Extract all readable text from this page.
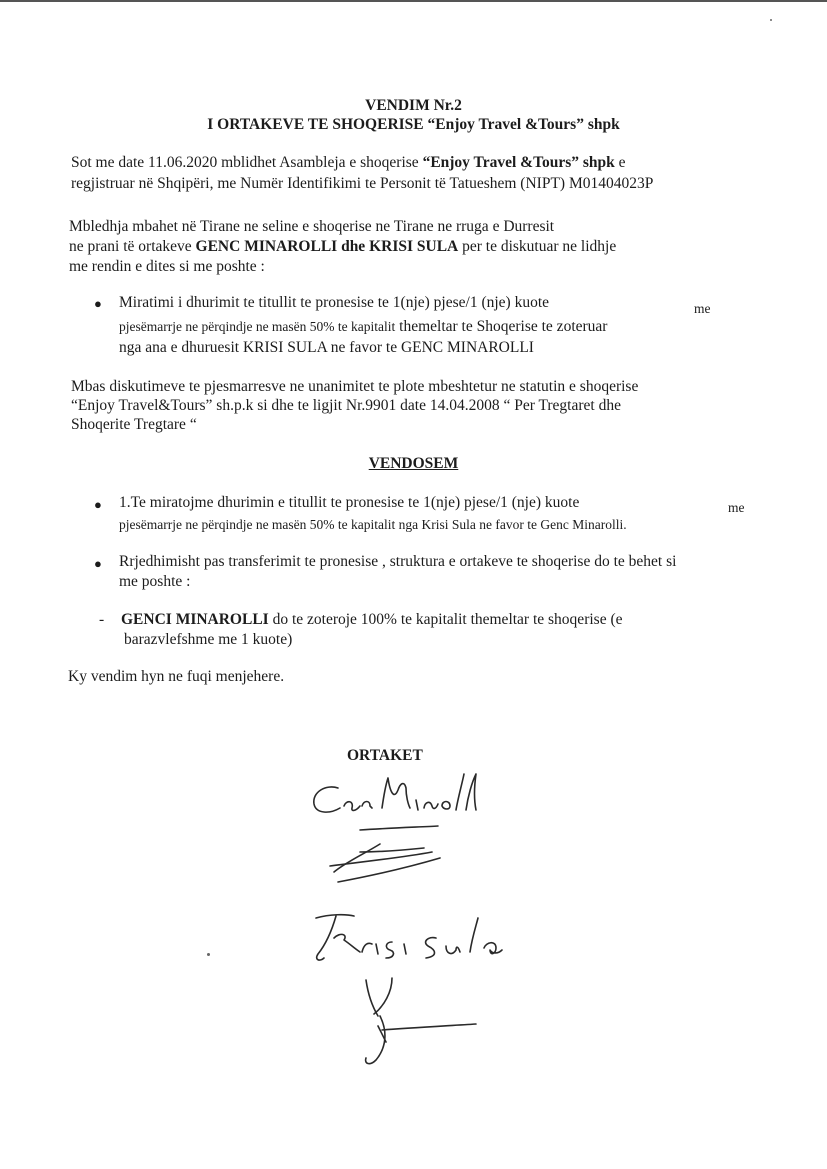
VENDIM Nr.2
I ORTAKEVE TE SHOQERISE “Enjoy Travel &Tours” shpk
Sot me date 11.06.2020 mblidhet Asambleja e shoqerise “Enjoy Travel &Tours” shpk e
regjistruar në Shqipëri, me Numër Identifikimi te Personit të Tatueshem (NIPT) M01404023P
Mbledhja mbahet në Tirane ne seline e shoqerise ne Tirane ne rruga e Durresit
ne prani të ortakeve GENC MINAROLLI dhe KRISI SULA per te diskutuar ne lidhje
me rendin e dites si me poshte :
● Miratimi i dhurimit te titullit te pronesise te 1(nje) pjese/1 (nje) kuote	me
pjesëmarrje ne përqindje ne masën 50% te kapitalit themeltar te Shoqerise te zoteruar
nga ana e dhuruesit KRISI SULA ne favor te GENC MINAROLLI
Mbas diskutimeve te pjesmarresve ne unanimitet te plote mbeshtetur ne statutin e shoqerise
“Enjoy Travel&Tours” sh.p.k si dhe te ligjit Nr.9901 date 14.04.2008 “ Per Tregtaret dhe
Shoqerite Tregtare “
VENDOSEM
● 1.Te miratojme dhurimin e titullit te pronesise te 1(nje) pjese/1 (nje) kuote	me
pjesëmarrje ne përqindje ne masën 50% te kapitalit nga Krisi Sula ne favor te Genc Minarolli.
● Rrjedhimisht pas transferimit te pronesise , struktura e ortakeve te shoqerise do te behet si
me poshte :
- GENCI MINAROLLI do te zoteroje 100% te kapitalit themeltar te shoqerise (e
barazvlefshme me 1 kuote)
Ky vendim hyn ne fuqi menjehere.
ORTAKET
